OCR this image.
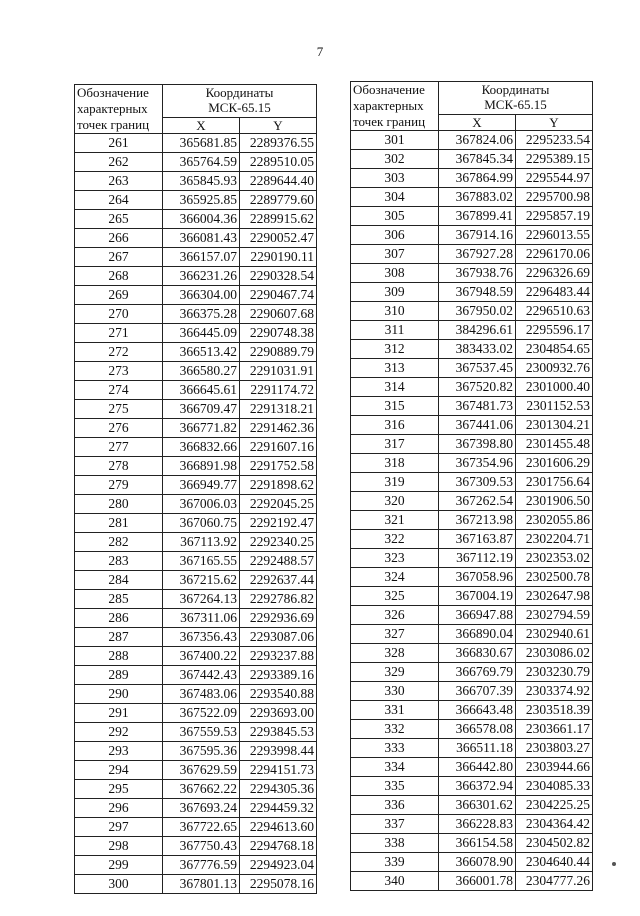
7
Обозначение
характерных
точек границ	Координаты
МСК-65.15	

	X	Y
261	365681.85	2289376.55
262	365764.59	2289510.05
263	365845.93	2289644.40
264	365925.85	2289779.60
265	366004.36	2289915.62
266	366081.43	2290052.47
267	366157.07	2290190.11
268	366231.26	2290328.54
269	366304.00	2290467.74
270	366375.28	2290607.68
271	366445.09	2290748.38
272	366513.42	2290889.79
273	366580.27	2291031.91
274	366645.61	2291174.72
275	366709.47	2291318.21
276	366771.82	2291462.36
277	366832.66	2291607.16
278	366891.98	2291752.58
279	366949.77	2291898.62
280	367006.03	2292045.25
281	367060.75	2292192.47
282	367113.92	2292340.25
283	367165.55	2292488.57
284	367215.62	2292637.44
285	367264.13	2292786.82
286	367311.06	2292936.69
287	367356.43	2293087.06
288	367400.22	2293237.88
289	367442.43	2293389.16
290	367483.06	2293540.88
291	367522.09	2293693.00
292	367559.53	2293845.53
293	367595.36	2293998.44
294	367629.59	2294151.73
295	367662.22	2294305.36
296	367693.24	2294459.32
297	367722.65	2294613.60
298	367750.43	2294768.18
299	367776.59	2294923.04
300	367801.13	2295078.16
Обозначение
характерных
точек границ	Координаты
МСК-65.15	

	X	Y
301	367824.06	2295233.54
302	367845.34	2295389.15
303	367864.99	2295544.97
304	367883.02	2295700.98
305	367899.41	2295857.19
306	367914.16	2296013.55
307	367927.28	2296170.06
308	367938.76	2296326.69
309	367948.59	2296483.44
310	367950.02	2296510.63
311	384296.61	2295596.17
312	383433.02	2304854.65
313	367537.45	2300932.76
314	367520.82	2301000.40
315	367481.73	2301152.53
316	367441.06	2301304.21
317	367398.80	2301455.48
318	367354.96	2301606.29
319	367309.53	2301756.64
320	367262.54	2301906.50
321	367213.98	2302055.86
322	367163.87	2302204.71
323	367112.19	2302353.02
324	367058.96	2302500.78
325	367004.19	2302647.98
326	366947.88	2302794.59
327	366890.04	2302940.61
328	366830.67	2303086.02
329	366769.79	2303230.79
330	366707.39	2303374.92
331	366643.48	2303518.39
332	366578.08	2303661.17
333	366511.18	2303803.27
334	366442.80	2303944.66
335	366372.94	2304085.33
336	366301.62	2304225.25
337	366228.83	2304364.42
338	366154.58	2304502.82
339	366078.90	2304640.44
340	366001.78	2304777.26
